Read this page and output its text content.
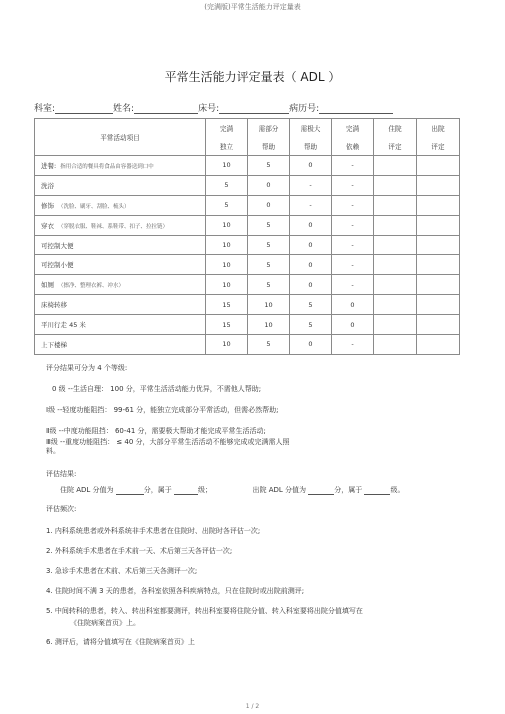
(完满版)平常生活能力评定量表
平常生活能力评定量表（ ADL ）
科室:	姓名:	床号:	病历号:
平常活动项目	完满	需部分	需极大	完满	住院	出院
	独立	帮助	帮助	依赖	评定	评定
进餐: 指用合适的餐具将食品由容器送到口中	10	5	0	-		
洗浴	5	0	-	-		
修饰 （洗脸、刷牙、刮脸、梳头）	5	0	-	-		
穿衣 （穿脱衣服、鞋袜、系鞋带、扣子、拉拉链）	10	5	0	-		
可控制大便	10	5	0	-		
可控制小便	10	5	0	-		
如厕 （擦净、整理衣裤、冲水）	10	5	0	-		
床椅转移	15	10	5	0		
平川行走 45 米	15	10	5	0		
上下楼梯	10	5	0	-		
评分结果可分为 4 个等级:
0 级 --生活自理： 100 分，平常生活活动能力优异，不需他人帮助;
Ⅰ级 --轻度功能阻挡： 99-61 分，能独立完成部分平常活动，但需必然帮助;
Ⅱ级 --中度功能阻挡： 60-41 分，需要极大帮助才能完成平常生活活动;
Ⅲ级 --重度功能阻挡： ≤ 40 分，大部分平常生活活动不能够完成或完满需人照
料。
评估结果:
住院 ADL 分值为	分，属于	级；	出院 ADL 分值为	分，属于	级。
评估频次:
1. 内科系统患者或外科系统非手术患者在住院时、出院时各评估一次;
2. 外科系统手术患者在手术前一天、术后第三天各评估一次;
3. 急诊手术患者在术前、术后第三天各测评一次;
4. 住院时间不满 3 天的患者，各科室依照各科疾病特点，只在住院时或出院前测评;
5. 中间转科的患者，转入、转出科室都要测评，转出科室要将住院分值、转入科室要将出院分值填写在
《住院病案首页》上。
6. 测评后，请将分值填写在《住院病案首页》上
1 / 2
